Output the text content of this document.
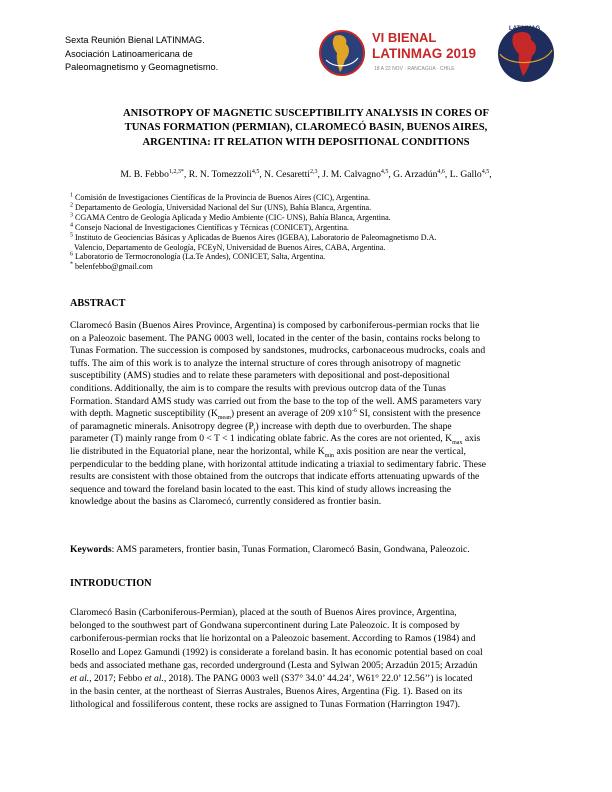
Sexta Reunión Bienal LATINMAG.
Asociación Latinoamericana de
Paleomagnetismo y Geomagnetismo.
VI BIENAL
LATINMAG 2019
18 A 22 NOV · RANCAGUA · CHILE
LATINMAG
ANISOTROPY OF MAGNETIC SUSCEPTIBILITY ANALYSIS IN CORES OF
TUNAS FORMATION (PERMIAN), CLAROMECÓ BASIN, BUENOS AIRES,
ARGENTINA: IT RELATION WITH DEPOSITIONAL CONDITIONS
M. B. Febbo$^{1,2,3*}$, R. N. Tomezzoli$^{4,5}$, N. Cesaretti$^{2,3}$, J. M. Calvagno$^{4,5}$, G. Arzadún$^{4,6}$, L. Gallo$^{4,5}$,
$^1$ Comisión de Investigaciones Científicas de la Provincia de Buenos Aires (CIC), Argentina.
$^2$ Departamento de Geología, Universidad Nacional del Sur (UNS), Bahía Blanca, Argentina.
$^3$ CGAMA Centro de Geología Aplicada y Medio Ambiente (CIC- UNS), Bahía Blanca, Argentina.
$^4$ Consejo Nacional de Investigaciones Científicas y Técnicas (CONICET), Argentina.
$^5$ Instituto de Geociencias Básicas y Aplicadas de Buenos Aires (IGEBA), Laboratorio de Paleomagnetismo D.A.
Valencio, Departamento de Geología, FCEyN, Universidad de Buenos Aires, CABA, Argentina.
$^6$ Laboratorio de Termocronología (La.Te Andes), CONICET, Salta, Argentina.
* belenfebbo@gmail.com
ABSTRACT
Claromecó Basin (Buenos Aires Province, Argentina) is composed by carboniferous-permian rocks that lie
on a Paleozoic basement. The PANG 0003 well, located in the center of the basin, contains rocks belong to
Tunas Formation. The succession is composed by sandstones, mudrocks, carbonaceous mudrocks, coals and
tuffs. The aim of this work is to analyze the internal structure of cores through anisotropy of magnetic
susceptibility (AMS) studies and to relate these parameters with depositional and post-depositional
conditions. Additionally, the aim is to compare the results with previous outcrop data of the Tunas
Formation. Standard AMS study was carried out from the base to the top of the well. AMS parameters vary
with depth. Magnetic susceptibility $(K_{mean})$ present an average of 209 $x10^{-6}$ SI, consistent with the presence
of paramagnetic minerals. Anisotropy degree $(P_j)$ increase with depth due to overburden. The shape
parameter (T) mainly range from 0 < T < 1 indicating oblate fabric. As the cores are not oriented, $K_{max}$ axis
lie distributed in the Equatorial plane, near the horizontal, while $K_{min}$ axis position are near the vertical,
perpendicular to the bedding plane, with horizontal attitude indicating a triaxial to sedimentary fabric. These
results are consistent with those obtained from the outcrops that indicate efforts attenuating upwards of the
sequence and toward the foreland basin located to the east. This kind of study allows increasing the
knowledge about the basins as Claromecó, currently considered as frontier basin.
Keywords: AMS parameters, frontier basin, Tunas Formation, Claromecó Basin, Gondwana, Paleozoic.
INTRODUCTION
Claromecó Basin (Carboniferous-Permian), placed at the south of Buenos Aires province, Argentina,
belonged to the southwest part of Gondwana supercontinent during Late Paleozoic. It is composed by
carboniferous-permian rocks that lie horizontal on a Paleozoic basement. According to Ramos (1984) and
Rosello and Lopez Gamundi (1992) is considerate a foreland basin. It has economic potential based on coal
beds and associated methane gas, recorded underground (Lesta and Sylwan 2005; Arzadún 2015; Arzadún
et al., 2017; Febbo et al., 2018). The PANG 0003 well (S37° 34.0’ 44.24’, W61° 22.0’ 12.56’’) is located
in the basin center, at the northeast of Sierras Australes, Buenos Aires, Argentina (Fig. 1). Based on its
lithological and fossiliferous content, these rocks are assigned to Tunas Formation (Harrington 1947).
